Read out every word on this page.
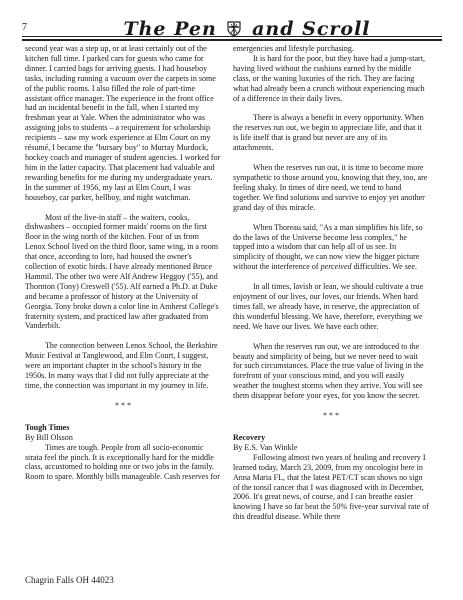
7	The Pen and Scroll

second year was a step up, or at least certainly out of the kitchen full time. I parked cars for guests who came for dinner. I carried bags for arriving guests. I had houseboy tasks, including running a vacuum over the carpets in some of the public rooms. I also filled the role of part-time assistant office manager. The experience in the front office had an incidental benefit in the fall, when I started my freshman year at Yale. When the administrator who was assigning jobs to students – a requirement for scholarship recipients – saw my work experience at Elm Court on my résumé, I became the "bursary boy" to Murray Murdock, hockey coach and manager of student agencies. I worked for him in the latter capacity. That placement had valuable and rewarding benefits for me during my undergraduate years. In the summer of 1956, my last at Elm Court, I was houseboy, car parker, bellboy, and night watchman.

Most of the live-in staff – the waiters, cooks, dishwashers – occupied former maids' rooms on the first floor in the wing north of the kitchen. Four of us from Lenox School lived on the third floor, same wing, in a room that once, according to lore, had housed the owner's collection of exotic birds. I have already mentioned Bruce Hammil. The other two were Alf Andrew Heggoy ('55), and Thornton (Tony) Creswell ('55). Alf earned a Ph.D. at Duke and became a professor of history at the University of Georgia. Tony broke down a color line in Amherst College's fraternity system, and practiced law after graduated from Vanderbilt.

The connection between Lenox School, the Berkshire Music Festival at Tanglewood, and Elm Court, I suggest, were an important chapter in the school's history in the 1950s. In many ways that I did not fully appreciate at the time, the connection was important in my journey in life.

* * *

Tough Times

By Bill Olsson

Times are tough. People from all socio-economic strata feel the pinch. It is exceptionally hard for the middle class, accustomed to holding one or two jobs in the family. Room to spare. Monthly bills manageable. Cash reserves for

emergencies and lifestyle purchasing.

It is hard for the poor, but they have had a jump-start, having lived without the cushions earned by the middle class, or the waning luxuries of the rich. They are facing what had already been a crunch without experiencing much of a difference in their daily lives.

There is always a benefit in every opportunity. When the reserves run out, we begin to appreciate life, and that it is life itself that is grand but never are any of its attachments.

When the reserves run out, it is time to become more sympathetic to those around you, knowing that they, too, are feeling shaky. In times of dire need, we tend to band together. We find solutions and survive to enjoy yet another grand day of this miracle.

When Thoreau said, "As a man simplifies his life, so do the laws of the Universe become less complex," he tapped into a wisdom that can help all of us see. In simplicity of thought, we can now view the bigger picture without the interference of perceived difficulties. We see.

In all times, lavish or lean, we should cultivate a true enjoyment of our lives, our loves, our friends. When hard times fall, we already have, in reserve, the appreciation of this wonderful blessing. We have, therefore, everything we need. We have our lives. We have each other.

When the reserves run out, we are introduced to the beauty and simplicity of being, but we never need to wait for such circumstances. Place the true value of living in the forefront of your conscious mind, and you will easily weather the toughest storms when they arrive. You will see them disappear before your eyes, for you know the secret.

* * *

Recovery

By E.S. Van Winkle

Following almost two years of healing and recovery I learned today, March 23, 2009, from my oncologist here in Anna Maria FL, that the latest PET/CT scan shows no sign of the tonsil cancer that I was diagnosed with in December, 2006. It's great news, of course, and I can breathe easier knowing I have so far beat the 50% five-year survival rate of this dreadful disease. While there

Chagrin Falls OH 44023
